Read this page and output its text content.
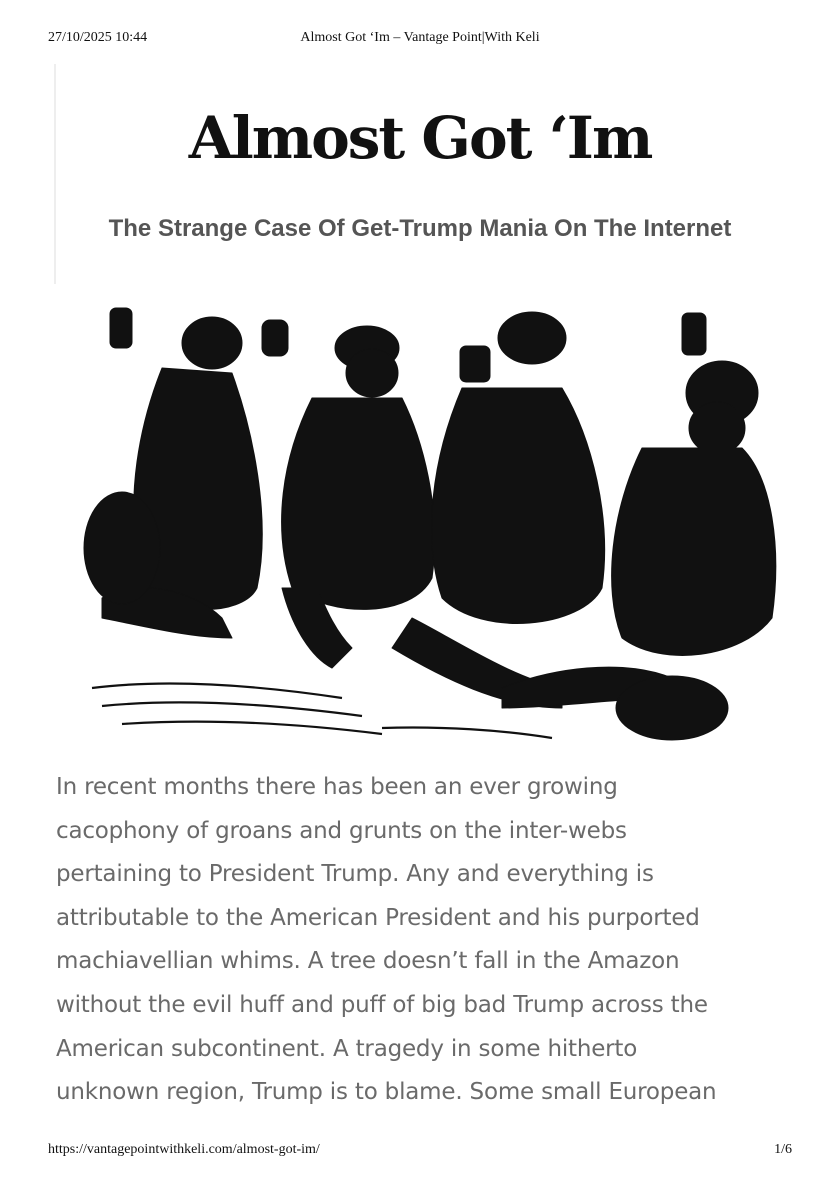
27/10/2025 10:44	Almost Got ‘Im – Vantage Point|With Keli
Almost Got ‘Im
The Strange Case Of Get-Trump Mania On The Internet
In recent months there has been an ever growing
cacophony of groans and grunts on the inter-webs
pertaining to President Trump. Any and everything is
attributable to the American President and his purported
machiavellian whims. A tree doesn’t fall in the Amazon
without the evil huff and puff of big bad Trump across the
American subcontinent. A tragedy in some hitherto
unknown region, Trump is to blame. Some small European
https://vantagepointwithkeli.com/almost-got-im/	1/6
